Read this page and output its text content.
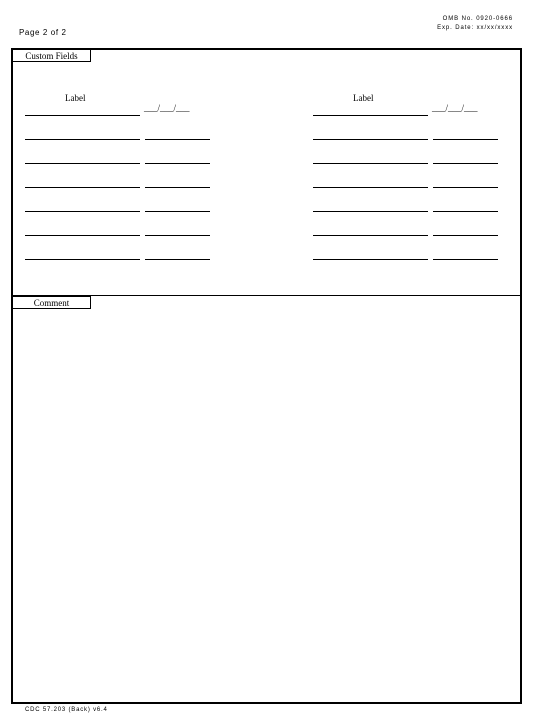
Page 2 of 2
OMB No. 0920-0666
Exp. Date: xx/xx/xxxx
Custom Fields
Label	Label
___/___/___	___/___/___
Comment
CDC 57.203 (Back) v6.4
